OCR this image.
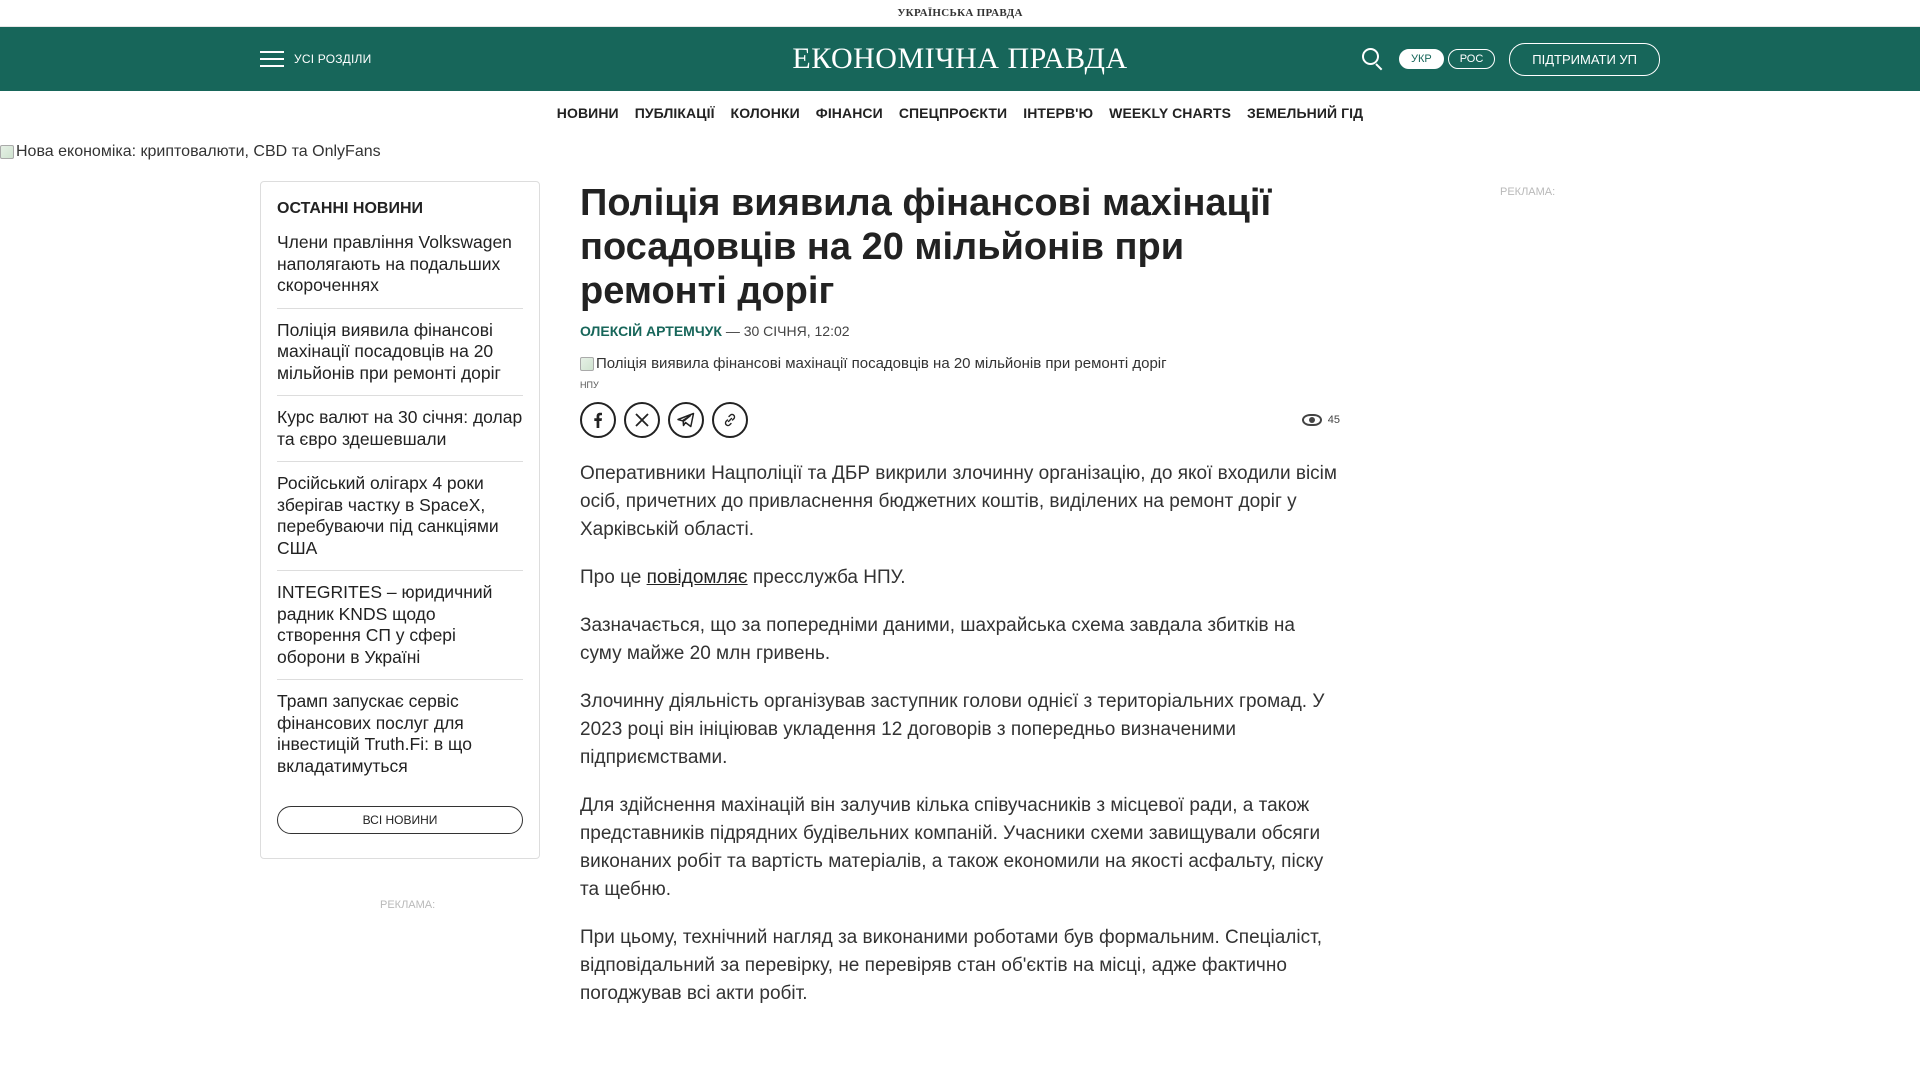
УКРАЇНСЬКА ПРАВДА
УСІ РОЗДІЛИ	ЕКОНОМІЧНА ПРАВДА	УКР	РОС	ПІДТРИМАТИ УП
НОВИНИ ПУБЛІКАЦІЇ КОЛОНКИ ФІНАНСИ СПЕЦПРОЄКТИ ІНТЕРВ'Ю WEEKLY CHARTS ЗЕМЕЛЬНИЙ ГІД
Нова економіка: криптовалюти, CBD та OnlyFans
ОСТАННІ НОВИНИ
Члени правління Volkswagen наполягають на подальших скороченнях
Поліція виявила фінансові махінації посадовців на 20 мільйонів при ремонті доріг
Курс валют на 30 січня: долар та євро здешевшали
Російський олігарх 4 роки зберігав частку в SpaceX, перебуваючи під санкціями США
INTEGRITES – юридичний радник KNDS щодо створення СП у сфері оборони в Україні
Трамп запускає сервіс фінансових послуг для інвестицій Truth.Fi: в що вкладатимуться
ВСІ НОВИНИ
РЕКЛАМА:
РЕКЛАМА:
Поліція виявила фінансові махінації посадовців на 20 мільйонів при ремонті доріг
ОЛЕКСІЙ АРТЕМЧУК — 30 СІЧНЯ, 12:02
Поліція виявила фінансові махінації посадовців на 20 мільйонів при ремонті доріг
НПУ
45

Оперативники Нацполіції та ДБР викрили злочинну організацію, до якої входили вісім осіб, причетних до привласнення бюджетних коштів, виділених на ремонт доріг у Харківській області.

Про це повідомляє пресслужба НПУ.

Зазначається, що за попередніми даними, шахрайська схема завдала збитків на суму майже 20 млн гривень.

Злочинну діяльність організував заступник голови однієї з територіальних громад. У 2023 році він ініціював укладення 12 договорів з попередньо визначеними підприємствами.

Для здійснення махінацій він залучив кілька співучасників з місцевої ради, а також представників підрядних будівельних компаній. Учасники схеми завищували обсяги виконаних робіт та вартість матеріалів, а також економили на якості асфальту, піску та щебню.

При цьому, технічний нагляд за виконаними роботами був формальним. Спеціаліст, відповідальний за перевірку, не перевіряв стан об'єктів на місці, адже фактично погоджував всі акти робіт.
